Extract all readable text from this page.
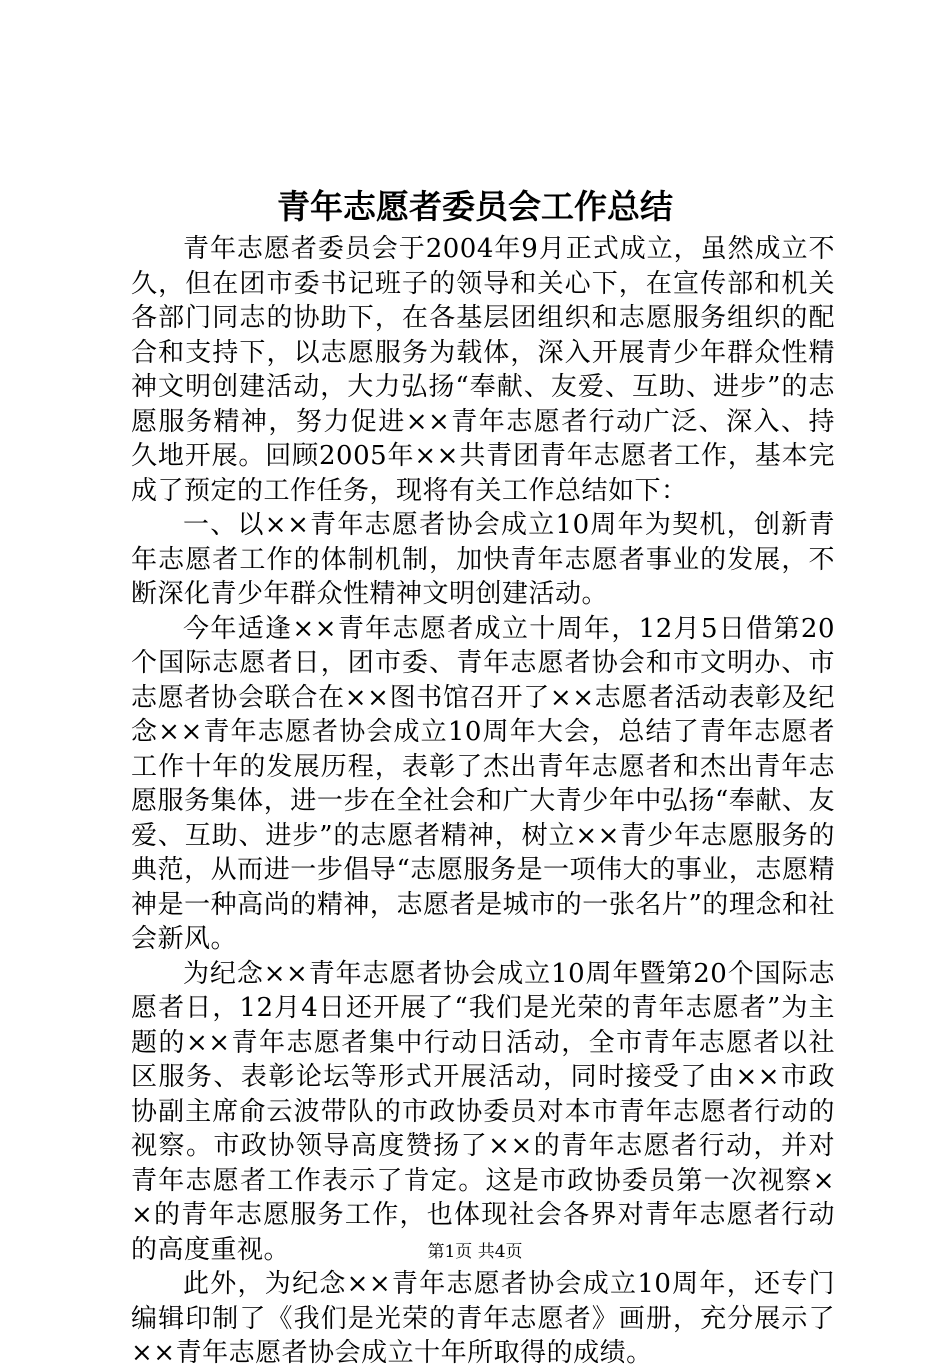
青年志愿者委员会工作总结

青年志愿者委员会于2004年9月正式成立，虽然成立不久，但在团市委书记班子的领导和关心下，在宣传部和机关各部门同志的协助下，在各基层团组织和志愿服务组织的配合和支持下，以志愿服务为载体，深入开展青少年群众性精神文明创建活动，大力弘扬“奉献、友爱、互助、进步”的志愿服务精神，努力促进××青年志愿者行动广泛、深入、持久地开展。回顾2005年××共青团青年志愿者工作，基本完成了预定的工作任务，现将有关工作总结如下：

一、以××青年志愿者协会成立10周年为契机，创新青年志愿者工作的体制机制，加快青年志愿者事业的发展，不断深化青少年群众性精神文明创建活动。

今年适逢××青年志愿者成立十周年，12月5日借第20个国际志愿者日，团市委、青年志愿者协会和市文明办、市志愿者协会联合在××图书馆召开了××志愿者活动表彰及纪念××青年志愿者协会成立10周年大会，总结了青年志愿者工作十年的发展历程，表彰了杰出青年志愿者和杰出青年志愿服务集体，进一步在全社会和广大青少年中弘扬“奉献、友爱、互助、进步”的志愿者精神，树立××青少年志愿服务的典范，从而进一步倡导“志愿服务是一项伟大的事业，志愿精神是一种高尚的精神，志愿者是城市的一张名片”的理念和社会新风。

为纪念××青年志愿者协会成立10周年暨第20个国际志愿者日，12月4日还开展了“我们是光荣的青年志愿者”为主题的××青年志愿者集中行动日活动，全市青年志愿者以社区服务、表彰论坛等形式开展活动，同时接受了由××市政协副主席俞云波带队的市政协委员对本市青年志愿者行动的视察。市政协领导高度赞扬了××的青年志愿者行动，并对青年志愿者工作表示了肯定。这是市政协委员第一次视察××的青年志愿服务工作，也体现社会各界对青年志愿者行动的高度重视。

此外，为纪念××青年志愿者协会成立10周年，还专门编辑印制了《我们是光荣的青年志愿者》画册，充分展示了××青年志愿者协会成立十年所取得的成绩。

第1页 共4页
